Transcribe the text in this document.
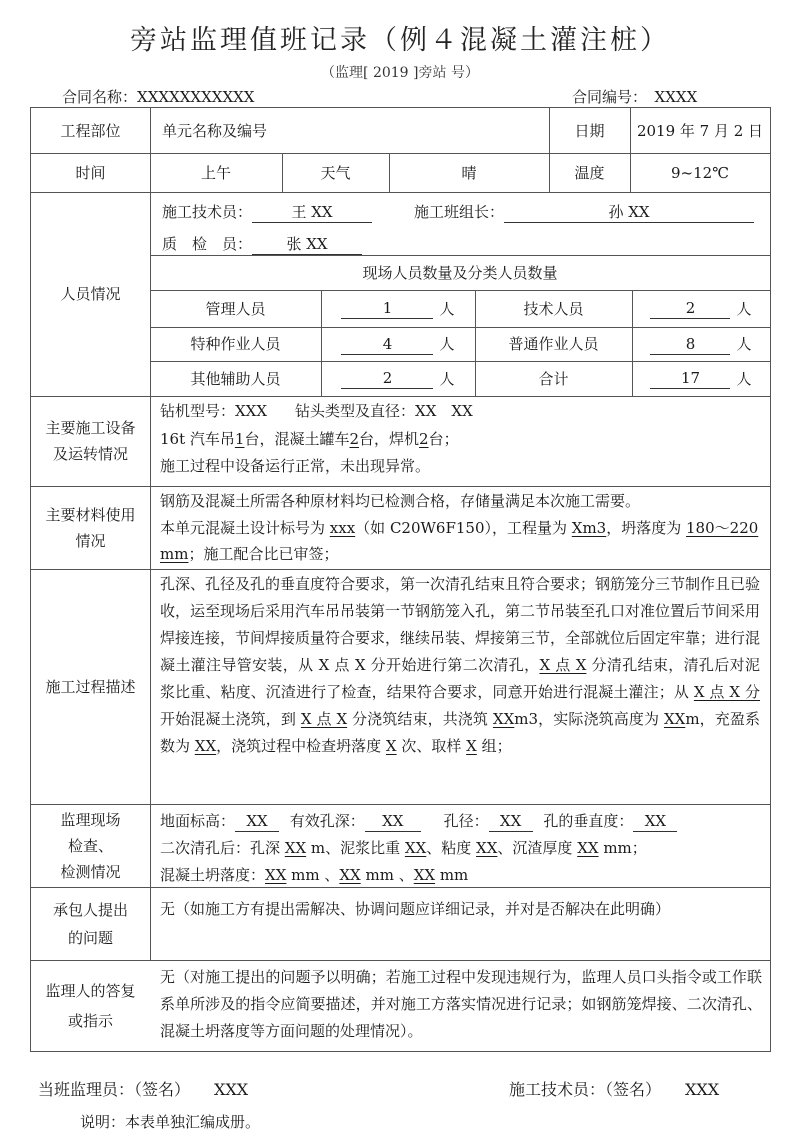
旁站监理值班记录（例４混凝土灌注桩）
（监理[ 2019 ]旁站 号）
合同名称：XXXXXXXXXXX	合同编号：　 XXXX
工程部位	单元名称及编号	日期	2019 年 7 月 2 日
时间	上午	天气	晴	温度	9~12℃
人员情况
施工技术员：	王 XX	施工班组长：	孙 XX
质　检　员： 张 XX
现场人员数量及分类人员数量
管理人员	1	人	技术人员	2	人
特种作业人员	4	人	普通作业人员	8	人
其他辅助人员	2	人	合计	17	人
主要施工设备及运转情况
钻机型号：XXX 钻头类型及直径：XX　XX
16t 汽车吊1台，混凝土罐车2台，焊机2台；
施工过程中设备运行正常，未出现异常。
主要材料使用情况
钢筋及混凝土所需各种原材料均已检测合格，存储量满足本次施工需要。
本单元混凝土设计标号为 xxx（如 C20W6F150），工程量为 Xm3，坍落度为 180～220
mm；施工配合比已审签；
施工过程描述
孔深、孔径及孔的垂直度符合要求，第一次清孔结束且符合要求；钢筋笼分三节制作且已验收，运至现场后采用汽车吊吊装第一节钢筋笼入孔，第二节吊装至孔口对准位置后节间采用焊接连接，节间焊接质量符合要求，继续吊装、焊接第三节，全部就位后固定牢靠；进行混凝土灌注导管安装，从 X 点 X 分开始进行第二次清孔，X 点 X 分清孔结束，清孔后对泥浆比重、粘度、沉渣进行了检查，结果符合要求，同意开始进行混凝土灌注；从 X 点 X 分开始混凝土浇筑，到 X 点 X 分浇筑结束，共浇筑 XXm3，实际浇筑高度为 XXm，充盈系数为 XX，浇筑过程中检查坍落度 X 次、取样 X 组；
监理现场
检查、
检测情况
地面标高： XX 有效孔深： XX	孔径： XX 孔的垂直度： XX
二次清孔后：孔深 XX m、泥浆比重 XX、粘度 XX、沉渣厚度 XX mm；
混凝土坍落度：XX mm 、XX mm 、XX mm
承包人提出
的问题
无（如施工方有提出需解决、协调问题应详细记录，并对是否解决在此明确）
监理人的答复
或指示
无（对施工提出的问题予以明确；若施工过程中发现违规行为，监理人员口头指令或工作联系单所涉及的指令应简要描述，并对施工方落实情况进行记录；如钢筋笼焊接、二次清孔、混凝土坍落度等方面问题的处理情况）。
当班监理员：（签名）　　XXX	施工技术员：（签名）　　XXX
说明：本表单独汇编成册。
